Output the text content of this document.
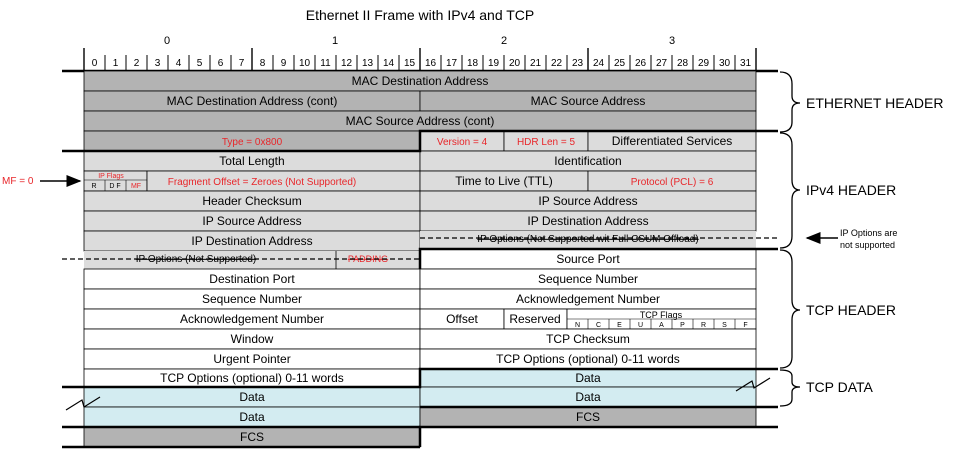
Ethernet II Frame with IPv4 and TCP
0	1	2	3
0 1 2 3 4 5 6 7 8 9 10 11 12 13 14 15 16 17 18 19 20 21 22 23 24 25 26 27 28 29 30 31
MAC Destination Address
MAC Destination Address (cont)	MAC Source Address
MAC Source Address (cont)
Type = 0x800	Version = 4	HDR Len = 5	Differentiated Services
Total Length	Identification
IP Flags
R D F MF	Fragment Offset = Zeroes (Not Supported)	Time to Live (TTL)	Protocol (PCL) = 6
Header Checksum	IP Source Address
IP Source Address	IP Destination Address
IP Destination Address	IP Options (Not Supported wit Full CSUM Offload)
IP Options (Not Supported)	PADDING	Source Port
Destination Port	Sequence Number
Sequence Number	Acknowledgement Number
Acknowledgement Number	Offset	Reserved	TCP Flags
N C E U A P R S F
Window	TCP Checksum
Urgent Pointer	TCP Options (optional) 0-11 words
TCP Options (optional) 0-11 words	Data
Data	Data
Data	FCS
FCS
MF = 0
IP Options are
not supported
ETHERNET HEADER
IPv4 HEADER
TCP HEADER
TCP DATA
